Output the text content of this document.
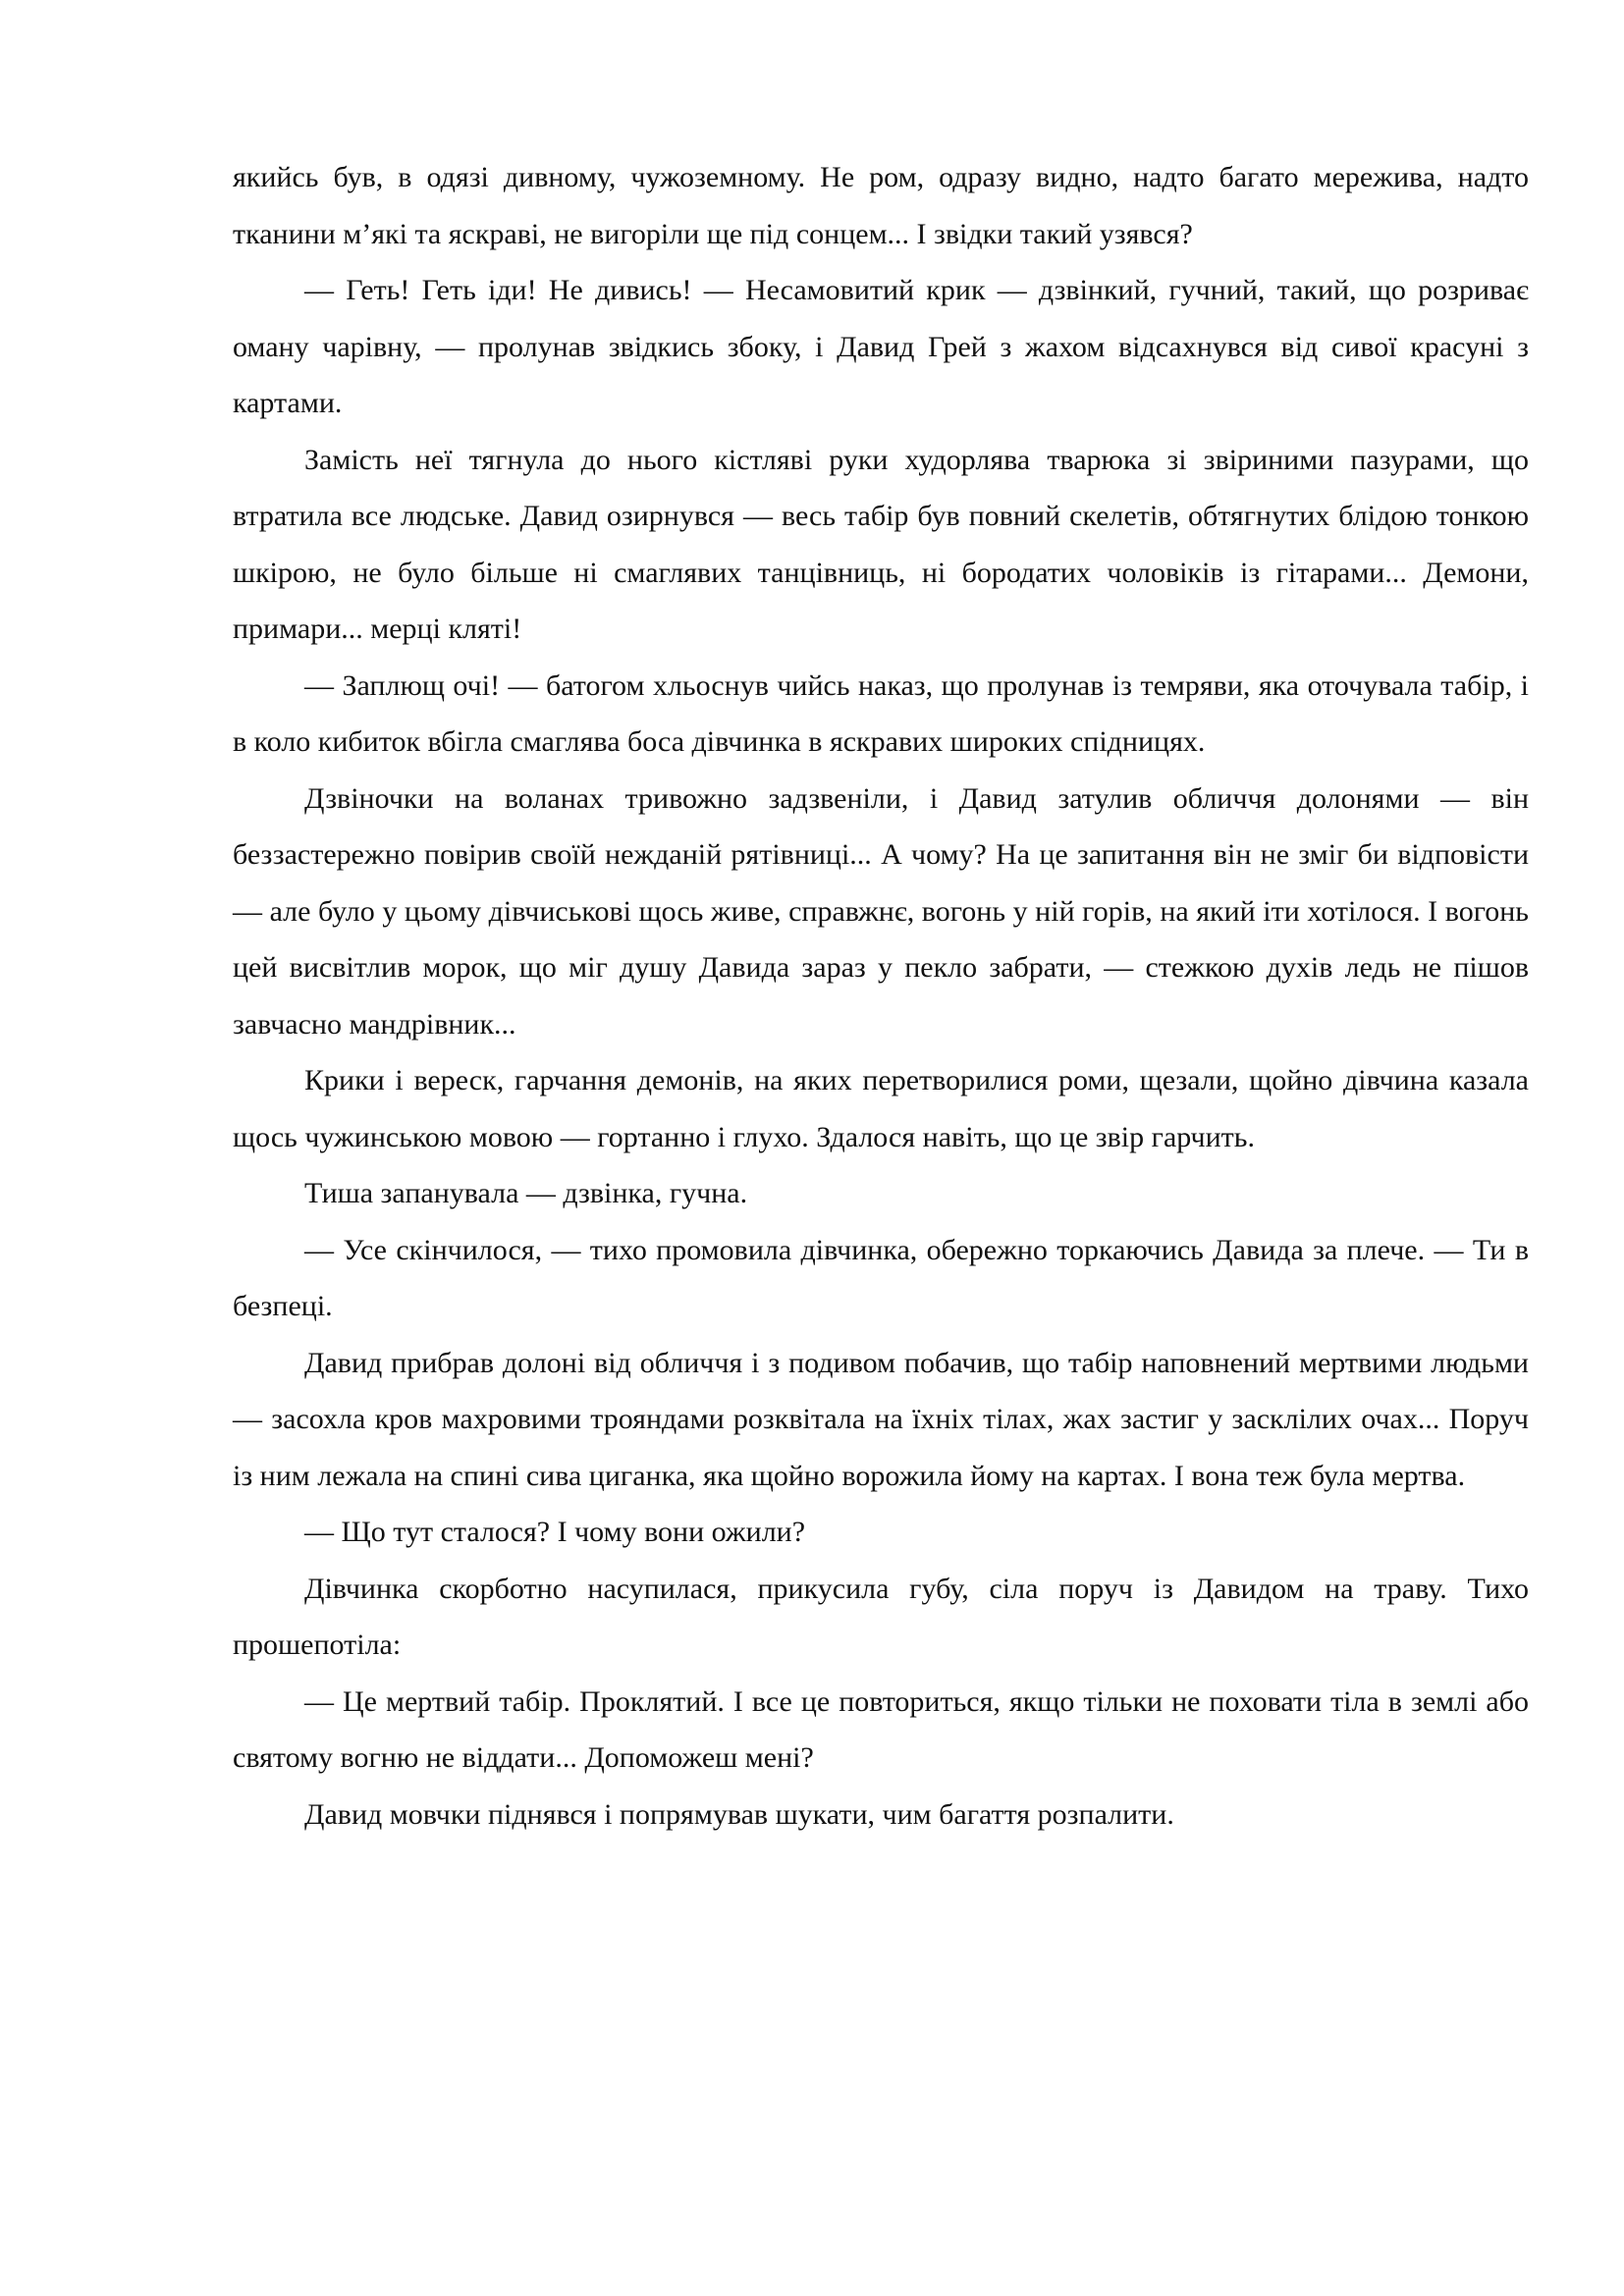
якийсь був, в одязі дивному, чужоземному. Не ром, одразу видно, надто багато мережива, надто тканини м’які та яскраві, не вигоріли ще під сонцем... І звідки такий узявся?

— Геть! Геть іди! Не дивись! — Несамовитий крик — дзвінкий, гучний, такий, що розриває оману чарівну, — пролунав звідкись збоку, і Давид Грей з жахом відсахнувся від сивої красуні з картами.

Замість неї тягнула до нього кістляві руки худорлява тварюка зі звіриними пазурами, що втратила все людське. Давид озирнувся — весь табір був повний скелетів, обтягнутих блідою тонкою шкірою, не було більше ні смаглявих танцівниць, ні бородатих чоловіків із гітарами... Демони, примари... мерці кляті!

— Заплющ очі! — батогом хльоснув чийсь наказ, що пролунав із темряви, яка оточувала табір, і в коло кибиток вбігла смаглява боса дівчинка в яскравих широких спідницях.

Дзвіночки на воланах тривожно задзвеніли, і Давид затулив обличчя долонями — він беззастережно повірив своїй нежданій рятівниці... А чому? На це запитання він не зміг би відповісти — але було у цьому дівчиськові щось живе, справжнє, вогонь у ній горів, на який іти хотілося. І вогонь цей висвітлив морок, що міг душу Давида зараз у пекло забрати, — стежкою духів ледь не пішов завчасно мандрівник...

Крики і вереск, гарчання демонів, на яких перетворилися роми, щезали, щойно дівчина казала щось чужинською мовою — гортанно і глухо. Здалося навіть, що це звір гарчить.

Тиша запанувала — дзвінка, гучна.

— Усе скінчилося, — тихо промовила дівчинка, обережно торкаючись Давида за плече. — Ти в безпеці.

Давид прибрав долоні від обличчя і з подивом побачив, що табір наповнений мертвими людьми — засохла кров махровими трояндами розквітала на їхніх тілах, жах застиг у засклілих очах... Поруч із ним лежала на спині сива циганка, яка щойно ворожила йому на картах. І вона теж була мертва.

— Що тут сталося? І чому вони ожили?

Дівчинка скорботно насупилася, прикусила губу, сіла поруч із Давидом на траву. Тихо прошепотіла:

— Це мертвий табір. Проклятий. І все це повториться, якщо тільки не поховати тіла в землі або святому вогню не віддати... Допоможеш мені?

Давид мовчки піднявся і попрямував шукати, чим багаття розпалити.
